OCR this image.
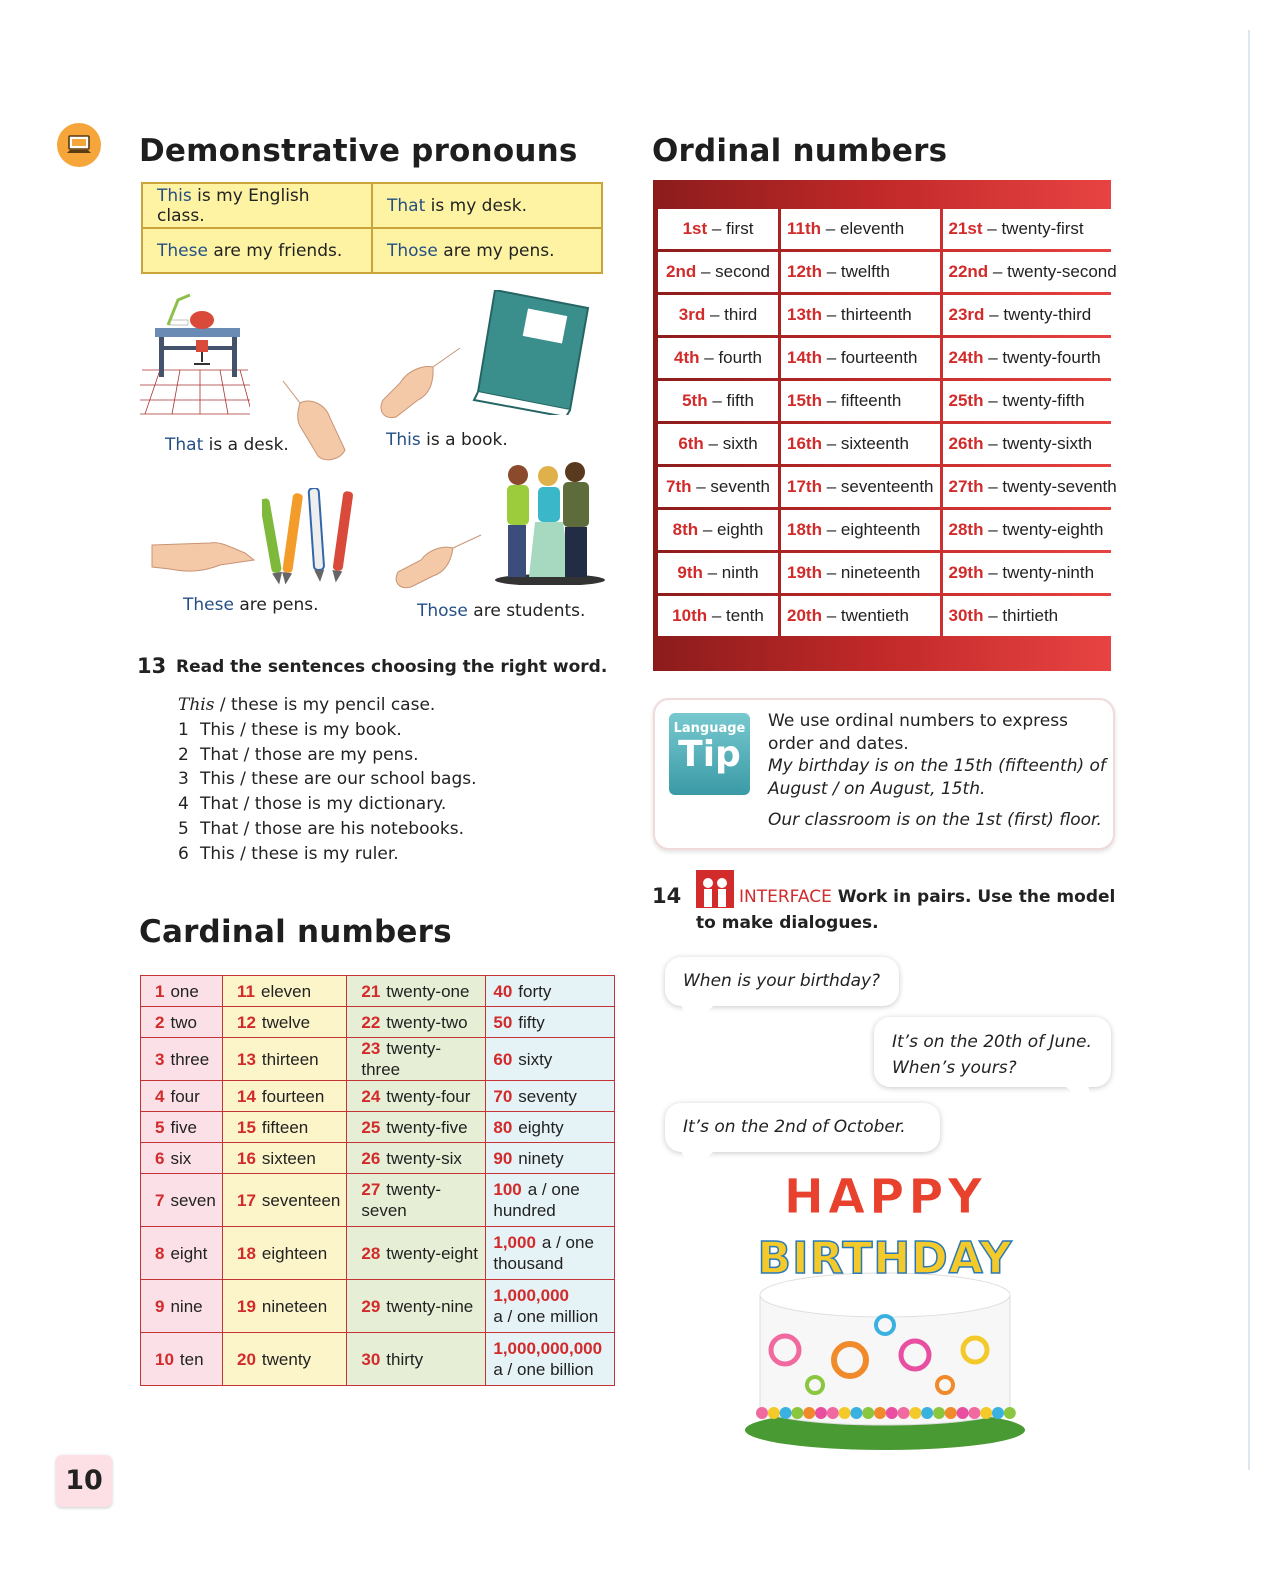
Demonstrative pronouns
This is my English class.	That is my desk.
These are my friends.	Those are my pens.
That is a desk.	This is a book.
These are pens.	Those are students.
13 Read the sentences choosing the right word.
This / these is my pencil case.
1 This / these is my book.
2 That / those are my pens.
3 This / these are our school bags.
4 That / those is my dictionary.
5 That / those are his notebooks.
6 This / these is my ruler.
Cardinal numbers
1 one	11 eleven	21 twenty-one	40 forty
2 two	12 twelve	22 twenty-two	50 fifty
3 three	13 thirteen	23 twenty-three	60 sixty
4 four	14 fourteen	24 twenty-four	70 seventy
5 five	15 fifteen	25 twenty-five	80 eighty
6 six	16 sixteen	26 twenty-six	90 ninety
7 seven	17 seventeen	27 twenty-seven	100 a / one
hundred
8 eight	18 eighteen	28 twenty-eight	1,000 a / one
thousand
9 nine	19 nineteen	29 twenty-nine	1,000,000
a / one million
10 ten	20 twenty	30 thirty	1,000,000,000
a / one billion
Ordinal numbers
1st – first	11th – eleventh	21st – twenty-first
2nd – second	12th – twelfth	22nd – twenty-second
3rd – third	13th – thirteenth	23rd – twenty-third
4th – fourth	14th – fourteenth	24th – twenty-fourth
5th – fifth	15th – fifteenth	25th – twenty-fifth
6th – sixth	16th – sixteenth	26th – twenty-sixth
7th – seventh	17th – seventeenth	27th – twenty-seventh
8th – eighth	18th – eighteenth	28th – twenty-eighth
9th – ninth	19th – nineteenth	29th – twenty-ninth
10th – tenth	20th – twentieth	30th – thirtieth
Language
Tip
We use ordinal numbers to express order and dates.
My birthday is on the 15th (fifteenth) of August / on August, 15th.
Our classroom is on the 1st (first) floor.
14	INTERFACE Work in pairs. Use the model
to make dialogues.
When is your birthday?
It’s on the 20th of June.
When’s yours?
It’s on the 2nd of October.
HAPPY
BIRTHDAY
10
